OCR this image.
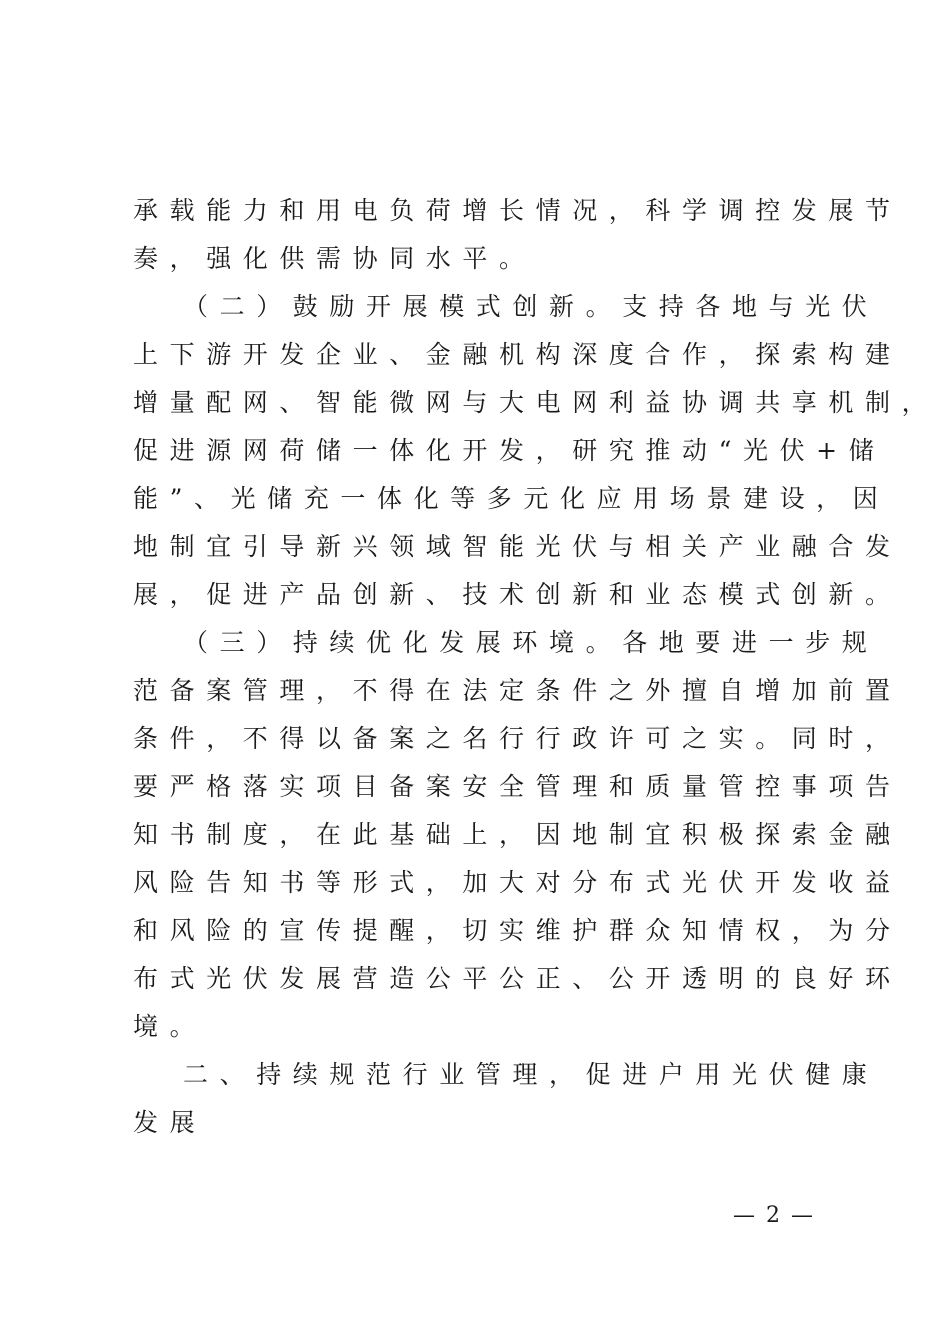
承载能力和用电负荷增长情况，科学调控发展节
奏，强化供需协同水平。
（二）鼓励开展模式创新。支持各地与光伏
上下游开发企业、金融机构深度合作，探索构建
增量配网、智能微网与大电网利益协调共享机制，
促进源网荷储一体化开发，研究推动“光伏+储
能”、光储充一体化等多元化应用场景建设，因
地制宜引导新兴领域智能光伏与相关产业融合发
展，促进产品创新、技术创新和业态模式创新。
（三）持续优化发展环境。各地要进一步规
范备案管理，不得在法定条件之外擅自增加前置
条件，不得以备案之名行行政许可之实。同时，
要严格落实项目备案安全管理和质量管控事项告
知书制度，在此基础上，因地制宜积极探索金融
风险告知书等形式，加大对分布式光伏开发收益
和风险的宣传提醒，切实维护群众知情权，为分
布式光伏发展营造公平公正、公开透明的良好环
境。
二、持续规范行业管理，促进户用光伏健康
发展
— 2 —
